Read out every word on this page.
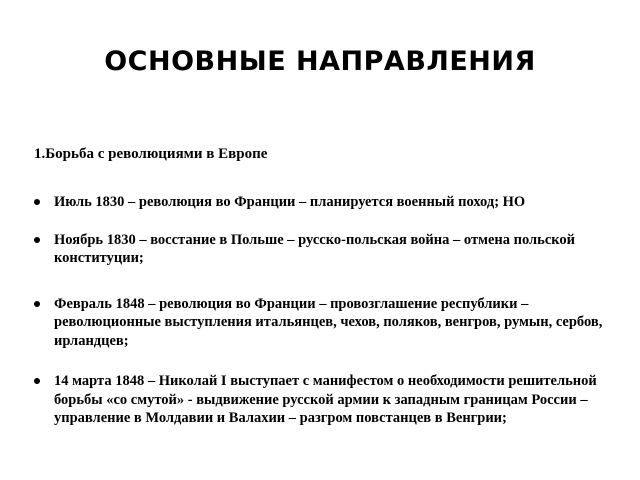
ОСНОВНЫЕ НАПРАВЛЕНИЯ

1.Борьба с революциями в Европе

Июль 1830 – революция во Франции – планируется военный поход; НО
Ноябрь 1830 – восстание в Польше – русско-польская война – отмена польской конституции;
Февраль 1848 – революция во Франции – провозглашение республики – революционные выступления итальянцев, чехов, поляков, венгров, румын, сербов, ирландцев;
14 марта 1848 – Николай I выступает с манифестом о необходимости решительной борьбы «со смутой» - выдвижение русской армии к западным границам России – управление в Молдавии и Валахии – разгром повстанцев в Венгрии;
